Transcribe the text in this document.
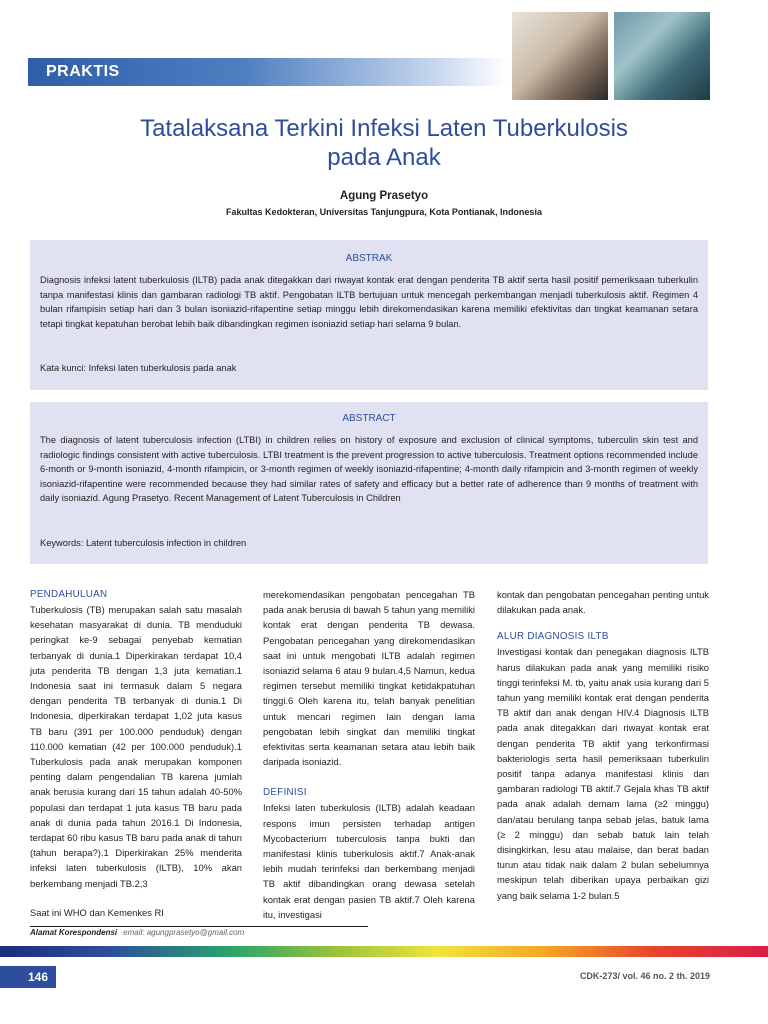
PRAKTIS
Tatalaksana Terkini Infeksi Laten Tuberkulosis
pada Anak
Agung Prasetyo
Fakultas Kedokteran, Universitas Tanjungpura, Kota Pontianak, Indonesia
ABSTRAK
Diagnosis infeksi latent tuberkulosis (ILTB) pada anak ditegakkan dari riwayat kontak erat dengan penderita TB aktif serta hasil positif pemeriksaan tuberkulin tanpa manifestasi klinis dan gambaran radiologi TB aktif. Pengobatan ILTB bertujuan untuk mencegah perkembangan menjadi tuberkulosis aktif. Regimen 4 bulan rifampisin setiap hari dan 3 bulan isoniazid-rifapentine setiap minggu lebih direkomendasikan karena memiliki efektivitas dan tingkat keamanan setara tetapi tingkat kepatuhan berobat lebih baik dibandingkan regimen isoniazid setiap hari selama 9 bulan.
Kata kunci: Infeksi laten tuberkulosis pada anak
ABSTRACT
The diagnosis of latent tuberculosis infection (LTBI) in children relies on history of exposure and exclusion of clinical symptoms, tuberculin skin test and radiologic findings consistent with active tuberculosis. LTBI treatment is the prevent progression to active tuberculosis. Treatment options recommended include 6-month or 9-month isoniazid, 4-month rifampicin, or 3-month regimen of weekly isoniazid-rifapentine; 4-month daily rifampicin and 3-month regimen of weekly isoniazid-rifapentine were recommended because they had similar rates of safety and efficacy but a better rate of adherence than 9 months of treatment with daily isoniazid. Agung Prasetyo. Recent Management of Latent Tuberculosis in Children
Keywords: Latent tuberculosis infection in children
PENDAHULUAN

Tuberkulosis (TB) merupakan salah satu masalah kesehatan masyarakat di dunia. TB menduduki peringkat ke-9 sebagai penyebab kematian terbanyak di dunia.1 Diperkirakan terdapat 10,4 juta penderita TB dengan 1,3 juta kematian.1 Indonesia saat ini termasuk dalam 5 negara dengan penderita TB terbanyak di dunia.1 Di Indonesia, diperkirakan terdapat 1,02 juta kasus TB baru (391 per 100.000 penduduk) dengan 110.000 kematian (42 per 100.000 penduduk).1 Tuberkulosis pada anak merupakan komponen penting dalam pengendalian TB karena jumlah anak berusia kurang dari 15 tahun adalah 40-50% populasi dan terdapat 1 juta kasus TB baru pada anak di dunia pada tahun 2016.1 Di Indonesia, terdapat 60 ribu kasus TB baru pada anak di tahun (tahun berapa?).1 Diperkirakan 25% menderita infeksi laten tuberkulosis (ILTB), 10% akan berkembang menjadi TB.2,3

Saat ini WHO dan Kemenkes RI

merekomendasikan pengobatan pencegahan TB pada anak berusia di bawah 5 tahun yang memiliki kontak erat dengan penderita TB dewasa. Pengobatan pencegahan yang direkomendasikan saat ini untuk mengobati ILTB adalah regimen isoniazid selama 6 atau 9 bulan.4,5 Namun, kedua regimen tersebut memiliki tingkat ketidakpatuhan tinggi.6 Oleh karena itu, telah banyak penelitian untuk mencari regimen lain dengan lama pengobatan lebih singkat dan memiliki tingkat efektivitas serta keamanan setara atau lebih baik daripada isoniazid.

DEFINISI

Infeksi laten tuberkulosis (ILTB) adalah keadaan respons imun persisten terhadap antigen Mycobacterium tuberculosis tanpa bukti dan manifestasi klinis tuberkulosis aktif.7 Anak-anak lebih mudah terinfeksi dan berkembang menjadi TB aktif dibandingkan orang dewasa setelah kontak erat dengan pasien TB aktif.7 Oleh karena itu, investigasi

kontak dan pengobatan pencegahan penting untuk dilakukan pada anak.

ALUR DIAGNOSIS ILTB

Investigasi kontak dan penegakan diagnosis ILTB harus dilakukan pada anak yang memiliki risiko tinggi terinfeksi M. tb, yaitu anak usia kurang dari 5 tahun yang memiliki kontak erat dengan penderita TB aktif dan anak dengan HIV.4 Diagnosis ILTB pada anak ditegakkan dari riwayat kontak erat dengan penderita TB aktif yang terkonfirmasi bakteriologis serta hasil pemeriksaan tuberkulin positif tanpa adanya manifestasi klinis dan gambaran radiologi TB aktif.7 Gejala khas TB aktif pada anak adalah demam lama (≥2 minggu) dan/atau berulang tanpa sebab jelas, batuk lama (≥ 2 minggu) dan sebab batuk lain telah disingkirkan, lesu atau malaise, dan berat badan turun atau tidak naik dalam 2 bulan sebelumnya meskipun telah diberikan upaya perbaikan gizi yang baik selama 1-2 bulan.5

Alamat Korespondensi email: agungprasetyo@gmail.com
146	CDK-273/ vol. 46 no. 2 th. 2019
